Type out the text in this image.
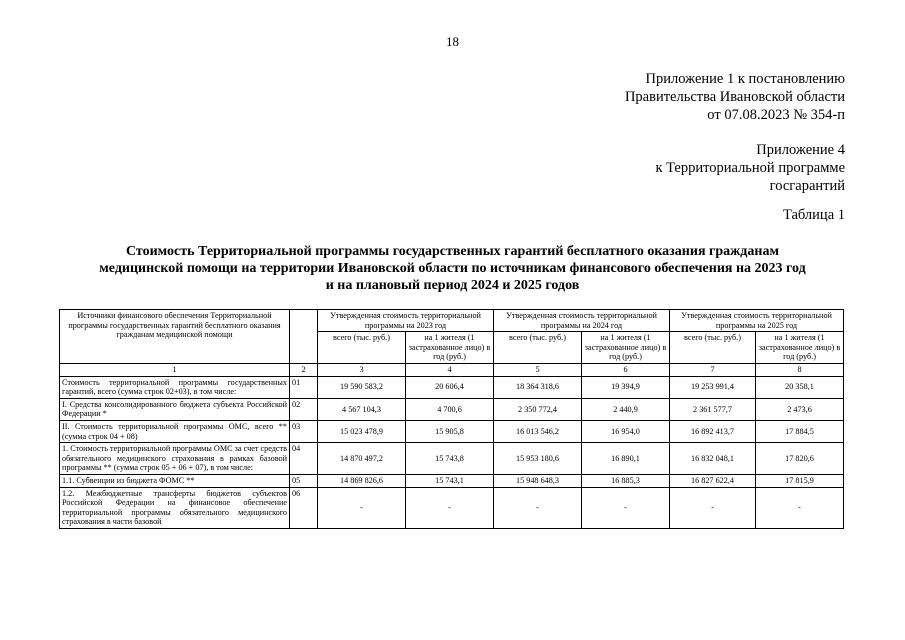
18
Приложение 1 к постановлению
Правительства Ивановской области
от 07.08.2023 № 354-п
Приложение 4
к Территориальной программе
госгарантий
Таблица 1
Стоимость Территориальной программы государственных гарантий бесплатного оказания гражданам
медицинской помощи на территории Ивановской области по источникам финансового обеспечения на 2023 год
и на плановый период 2024 и 2025 годов
Источники финансового обеспечения Территориальной программы государственных гарантий бесплатного оказания гражданам медицинской помощи		Утвержденная стоимость территориальной программы на 2023 год		Утвержденная стоимость территориальной программы на 2024 год		Утвержденная стоимость территориальной программы на 2025 год	
		всего (тыс. руб.)	на 1 жителя (1 застрахованное лицо) в год (руб.)	всего (тыс. руб.)	на 1 жителя (1 застрахованное лицо) в год (руб.)	всего (тыс. руб.)	на 1 жителя (1 застрахованное лицо) в год (руб.)
1	2	3	4	5	6	7	8
Стоимость территориальной программы государственных гарантий, всего (сумма строк 02+03), в том числе:	01	19 590 583,2	20 606,4	18 364 318,6	19 394,9	19 253 991,4	20 358,1
I. Средства консолидированного бюджета субъекта Российской Федерации *	02	4 567 104,3	4 700,6	2 350 772,4	2 440,9	2 361 577,7	2 473,6
II. Стоимость территориальной программы ОМС, всего ** (сумма строк 04 + 08)	03	15 023 478,9	15 905,8	16 013 546,2	16 954,0	16 892 413,7	17 884,5
1. Стоимость территориальной программы ОМС за счет средств обязательного медицинского страхования в рамках базовой программы ** (сумма строк 05 + 06 + 07), в том числе:	04	14 870 497,2	15 743,8	15 953 180,6	16 890,1	16 832 048,1	17 820,6
1.1. Субвенции из бюджета ФОМС **	05	14 869 826,6	15 743,1	15 948 648,3	16 885,3	16 827 622,4	17 815,9
1.2. Межбюджетные трансферты бюджетов субъектов Российской Федерации на финансовое обеспечение территориальной программы обязательного медицинского страхования в части базовой	06	-	-	-	-	-	-
